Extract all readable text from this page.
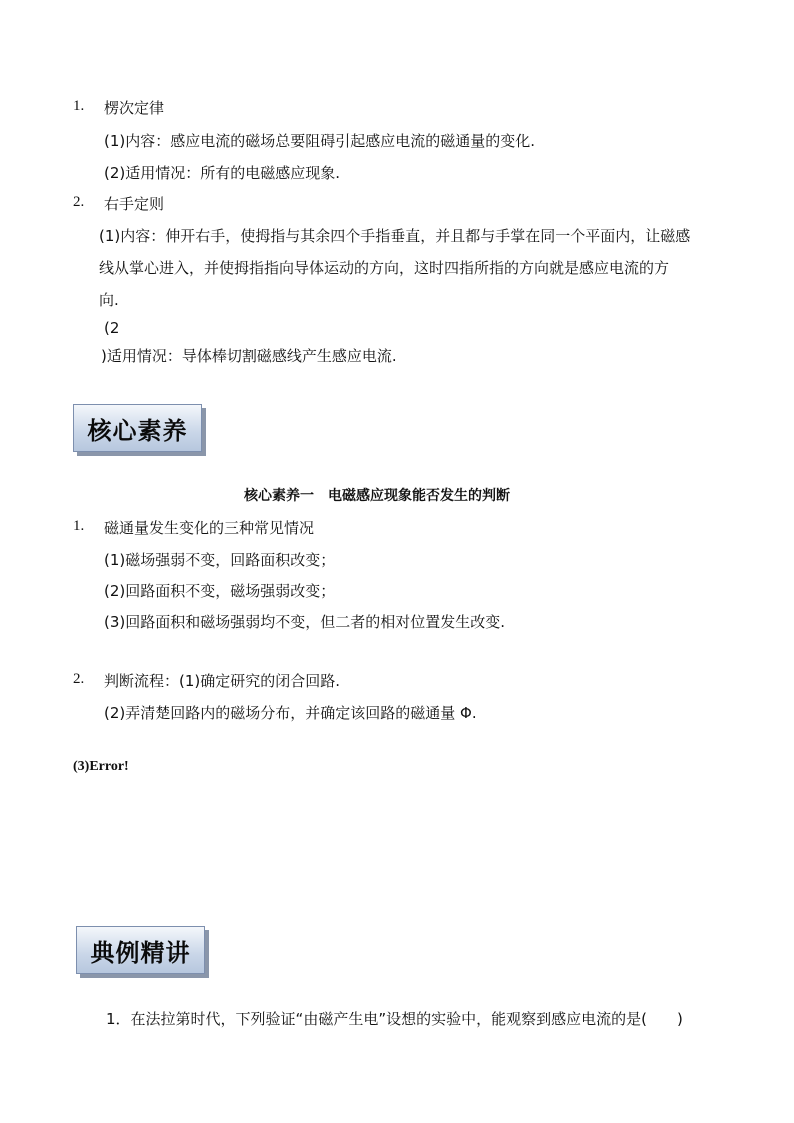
1. 楞次定律
(1)内容：感应电流的磁场总要阻碍引起感应电流的磁通量的变化.
(2)适用情况：所有的电磁感应现象.
2. 右手定则
(1)内容：伸开右手，使拇指与其余四个手指垂直，并且都与手掌在同一个平面内，让磁感
线从掌心进入，并使拇指指向导体运动的方向，这时四指所指的方向就是感应电流的方
向.
(2
)适用情况：导体棒切割磁感线产生感应电流.
核心素养
核心素养一　电磁感应现象能否发生的判断
1. 磁通量发生变化的三种常见情况
(1)磁场强弱不变，回路面积改变；
(2)回路面积不变，磁场强弱改变；
(3)回路面积和磁场强弱均不变，但二者的相对位置发生改变.
2. 判断流程：(1)确定研究的闭合回路.
(2)弄清楚回路内的磁场分布，并确定该回路的磁通量 Φ.
(3)Error!
典例精讲
1．在法拉第时代，下列验证“由磁产生电”设想的实验中，能观察到感应电流的是(　　)
